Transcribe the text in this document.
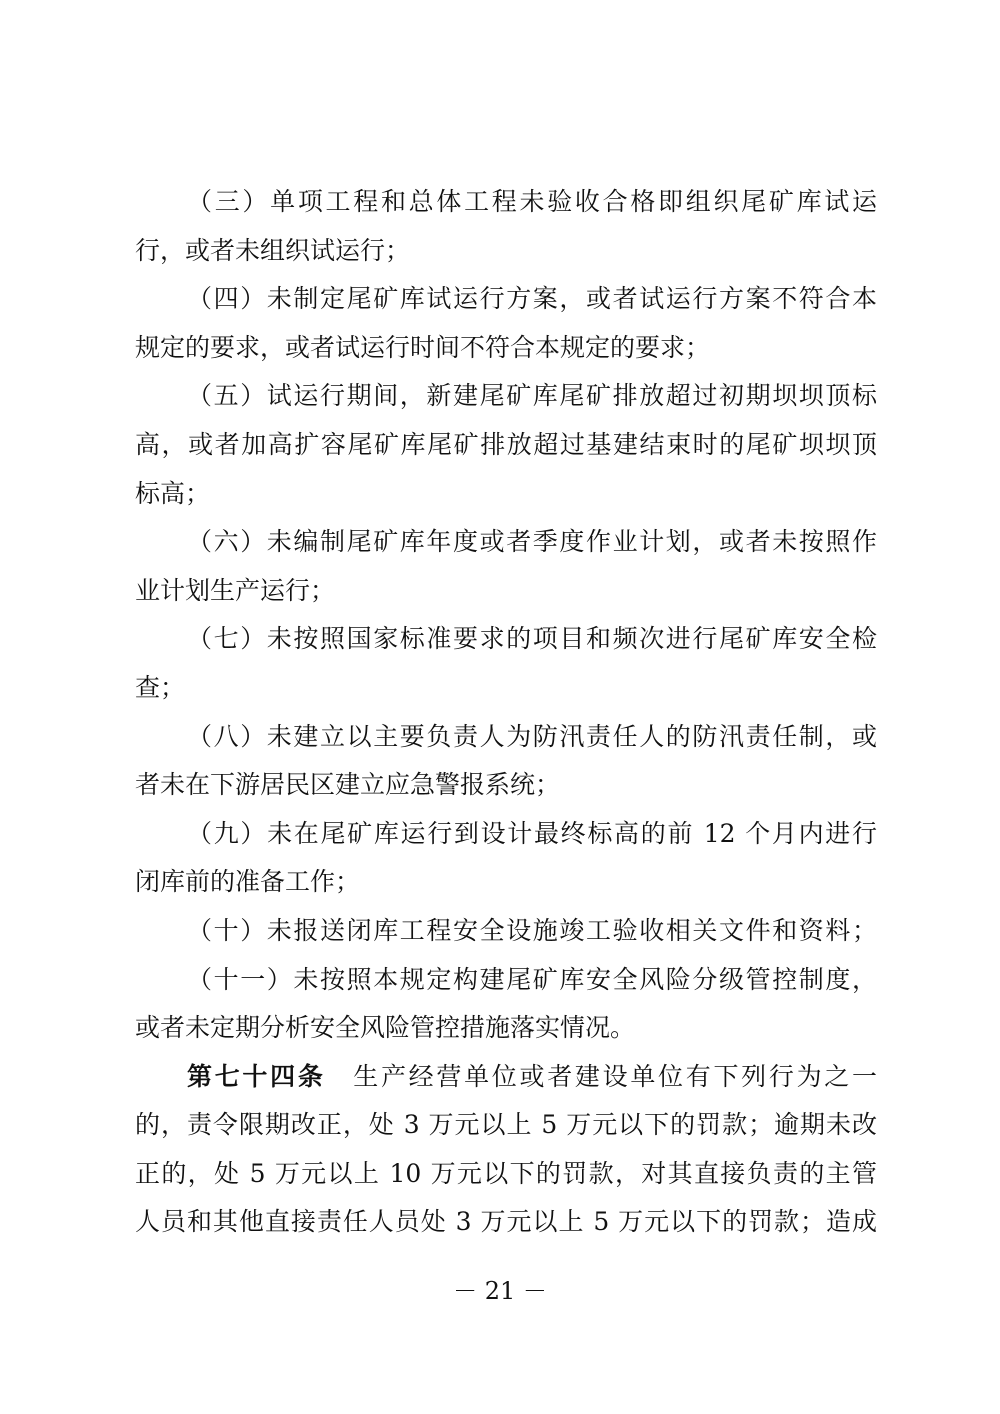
（三）单项工程和总体工程未验收合格即组织尾矿库试运
行，或者未组织试运行；
（四）未制定尾矿库试运行方案，或者试运行方案不符合本
规定的要求，或者试运行时间不符合本规定的要求；
（五）试运行期间，新建尾矿库尾矿排放超过初期坝坝顶标
高，或者加高扩容尾矿库尾矿排放超过基建结束时的尾矿坝坝顶
标高；
（六）未编制尾矿库年度或者季度作业计划，或者未按照作
业计划生产运行；
（七）未按照国家标准要求的项目和频次进行尾矿库安全检
查；
（八）未建立以主要负责人为防汛责任人的防汛责任制，或
者未在下游居民区建立应急警报系统；
（九）未在尾矿库运行到设计最终标高的前 12 个月内进行
闭库前的准备工作；
（十）未报送闭库工程安全设施竣工验收相关文件和资料；
（十一）未按照本规定构建尾矿库安全风险分级管控制度，
或者未定期分析安全风险管控措施落实情况。
第七十四条　 生产经营单位或者建设单位有下列行为之一
的，责令限期改正，处 3 万元以上 5 万元以下的罚款；逾期未改
正的，处 5 万元以上 10 万元以下的罚款，对其直接负责的主管
人员和其他直接责任人员处 3 万元以上 5 万元以下的罚款；造成
－ 21 －
